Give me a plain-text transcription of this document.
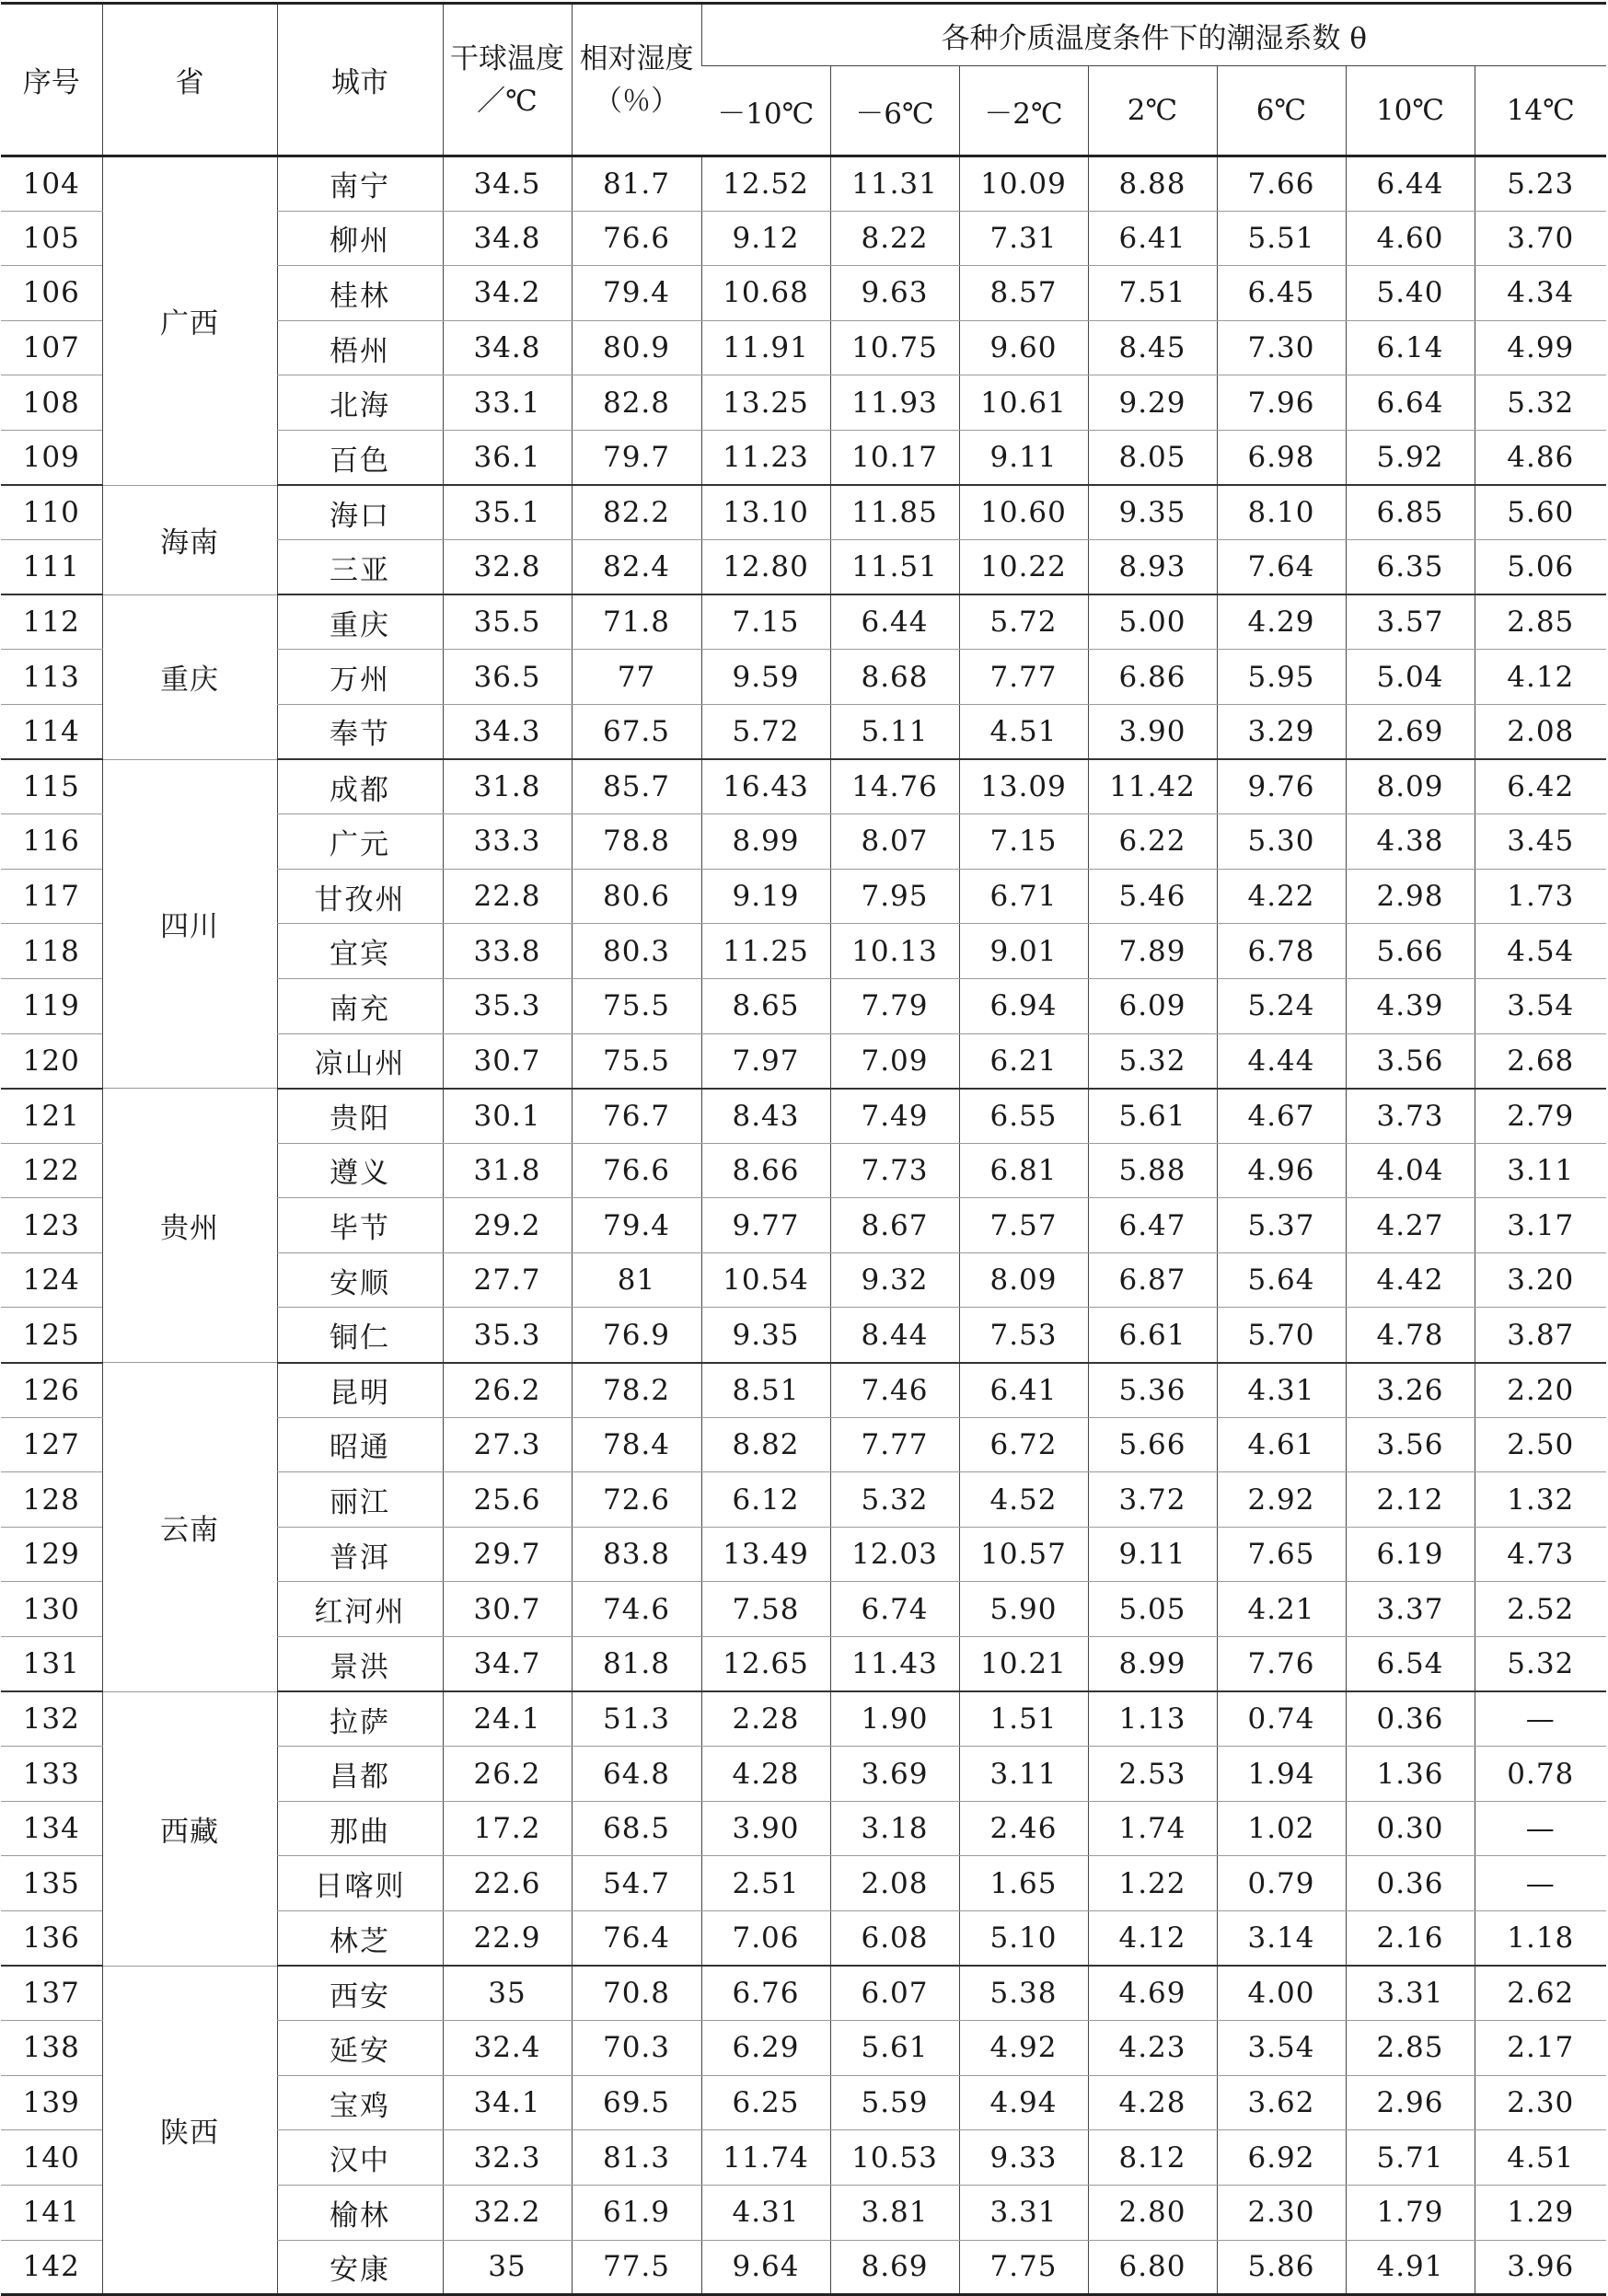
序号	省	城市	干球温度／℃	相对湿度（％）	各种介质温度条件下的潮湿系数 θ						
					－10℃	－6℃	－2℃	2℃	6℃	10℃	14℃
104	广西	南宁	34.5	81.7	12.52	11.31	10.09	8.88	7.66	6.44	5.23
105		柳州	34.8	76.6	9.12	8.22	7.31	6.41	5.51	4.60	3.70
106		桂林	34.2	79.4	10.68	9.63	8.57	7.51	6.45	5.40	4.34
107		梧州	34.8	80.9	11.91	10.75	9.60	8.45	7.30	6.14	4.99
108		北海	33.1	82.8	13.25	11.93	10.61	9.29	7.96	6.64	5.32
109		百色	36.1	79.7	11.23	10.17	9.11	8.05	6.98	5.92	4.86
110	海南	海口	35.1	82.2	13.10	11.85	10.60	9.35	8.10	6.85	5.60
111		三亚	32.8	82.4	12.80	11.51	10.22	8.93	7.64	6.35	5.06
112	重庆	重庆	35.5	71.8	7.15	6.44	5.72	5.00	4.29	3.57	2.85
113		万州	36.5	77	9.59	8.68	7.77	6.86	5.95	5.04	4.12
114		奉节	34.3	67.5	5.72	5.11	4.51	3.90	3.29	2.69	2.08
115	四川	成都	31.8	85.7	16.43	14.76	13.09	11.42	9.76	8.09	6.42
116		广元	33.3	78.8	8.99	8.07	7.15	6.22	5.30	4.38	3.45
117		甘孜州	22.8	80.6	9.19	7.95	6.71	5.46	4.22	2.98	1.73
118		宜宾	33.8	80.3	11.25	10.13	9.01	7.89	6.78	5.66	4.54
119		南充	35.3	75.5	8.65	7.79	6.94	6.09	5.24	4.39	3.54
120		凉山州	30.7	75.5	7.97	7.09	6.21	5.32	4.44	3.56	2.68
121	贵州	贵阳	30.1	76.7	8.43	7.49	6.55	5.61	4.67	3.73	2.79
122		遵义	31.8	76.6	8.66	7.73	6.81	5.88	4.96	4.04	3.11
123		毕节	29.2	79.4	9.77	8.67	7.57	6.47	5.37	4.27	3.17
124		安顺	27.7	81	10.54	9.32	8.09	6.87	5.64	4.42	3.20
125		铜仁	35.3	76.9	9.35	8.44	7.53	6.61	5.70	4.78	3.87
126	云南	昆明	26.2	78.2	8.51	7.46	6.41	5.36	4.31	3.26	2.20
127		昭通	27.3	78.4	8.82	7.77	6.72	5.66	4.61	3.56	2.50
128		丽江	25.6	72.6	6.12	5.32	4.52	3.72	2.92	2.12	1.32
129		普洱	29.7	83.8	13.49	12.03	10.57	9.11	7.65	6.19	4.73
130		红河州	30.7	74.6	7.58	6.74	5.90	5.05	4.21	3.37	2.52
131		景洪	34.7	81.8	12.65	11.43	10.21	8.99	7.76	6.54	5.32
132	西藏	拉萨	24.1	51.3	2.28	1.90	1.51	1.13	0.74	0.36	—
133		昌都	26.2	64.8	4.28	3.69	3.11	2.53	1.94	1.36	0.78
134		那曲	17.2	68.5	3.90	3.18	2.46	1.74	1.02	0.30	—
135		日喀则	22.6	54.7	2.51	2.08	1.65	1.22	0.79	0.36	—
136		林芝	22.9	76.4	7.06	6.08	5.10	4.12	3.14	2.16	1.18
137	陕西	西安	35	70.8	6.76	6.07	5.38	4.69	4.00	3.31	2.62
138		延安	32.4	70.3	6.29	5.61	4.92	4.23	3.54	2.85	2.17
139		宝鸡	34.1	69.5	6.25	5.59	4.94	4.28	3.62	2.96	2.30
140		汉中	32.3	81.3	11.74	10.53	9.33	8.12	6.92	5.71	4.51
141		榆林	32.2	61.9	4.31	3.81	3.31	2.80	2.30	1.79	1.29
142		安康	35	77.5	9.64	8.69	7.75	6.80	5.86	4.91	3.96
